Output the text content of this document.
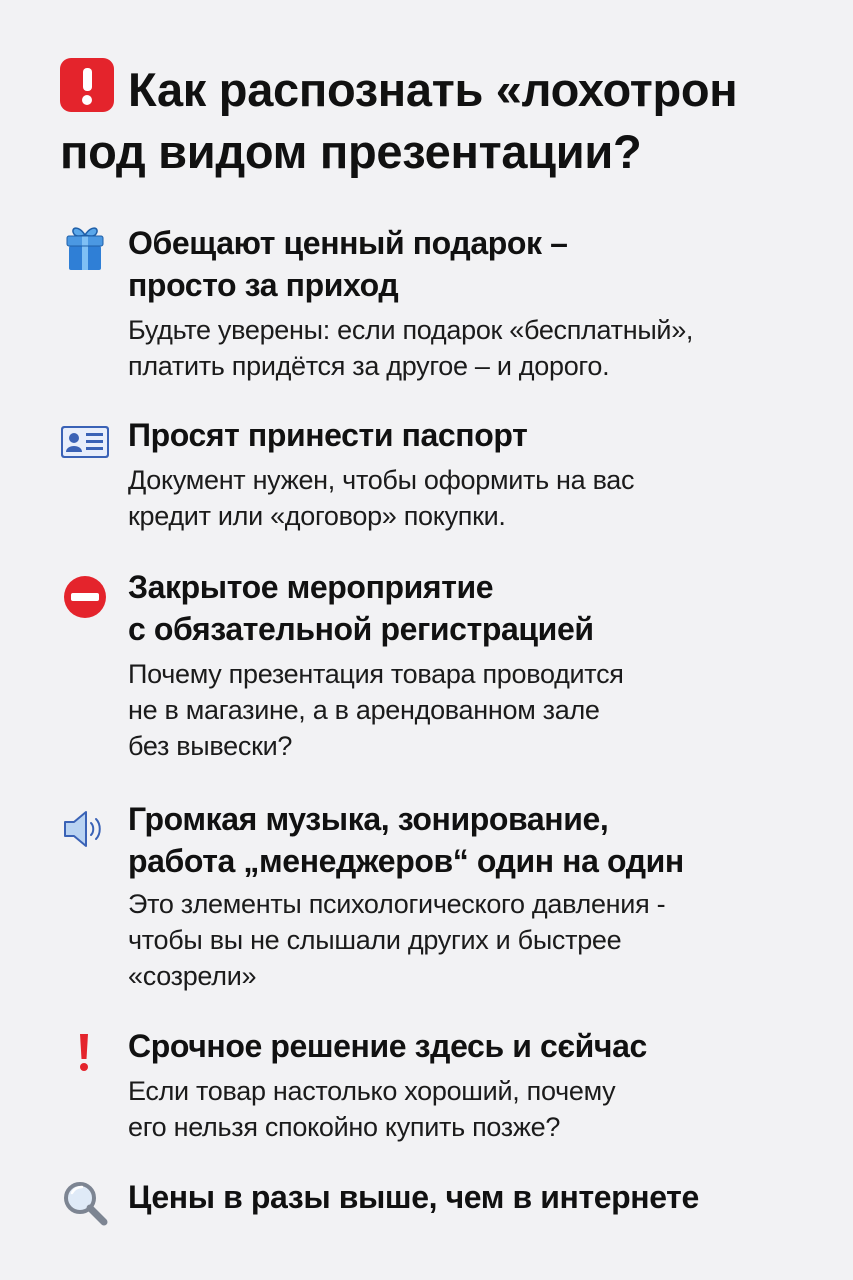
Как распознать «лохотрон
под видом презентации?
Обещают ценный подарок –
просто за приход
Будьте уверены: если подарок «бесплатный»,
платить придётся за другое – и дорого.
Просят принести паспорт
Документ нужен, чтобы оформить на вас
кредит или «договор» покупки.
Закрытое мероприятие
с обязательной регистрацией
Почему презентация товара проводится
не в магазине, а в арендованном зале
без вывески?
Громкая музыка, зонирование,
работа „менеджеров“ один на один
Это злементы психологического давления -
чтобы вы не слышали других и быстрее
«созрели»
Срочное решение здесь и сєйчас
Если товар настолько хороший, почему
его нельзя спокойно купить позже?
Цены в разы выше, чем в интернете
